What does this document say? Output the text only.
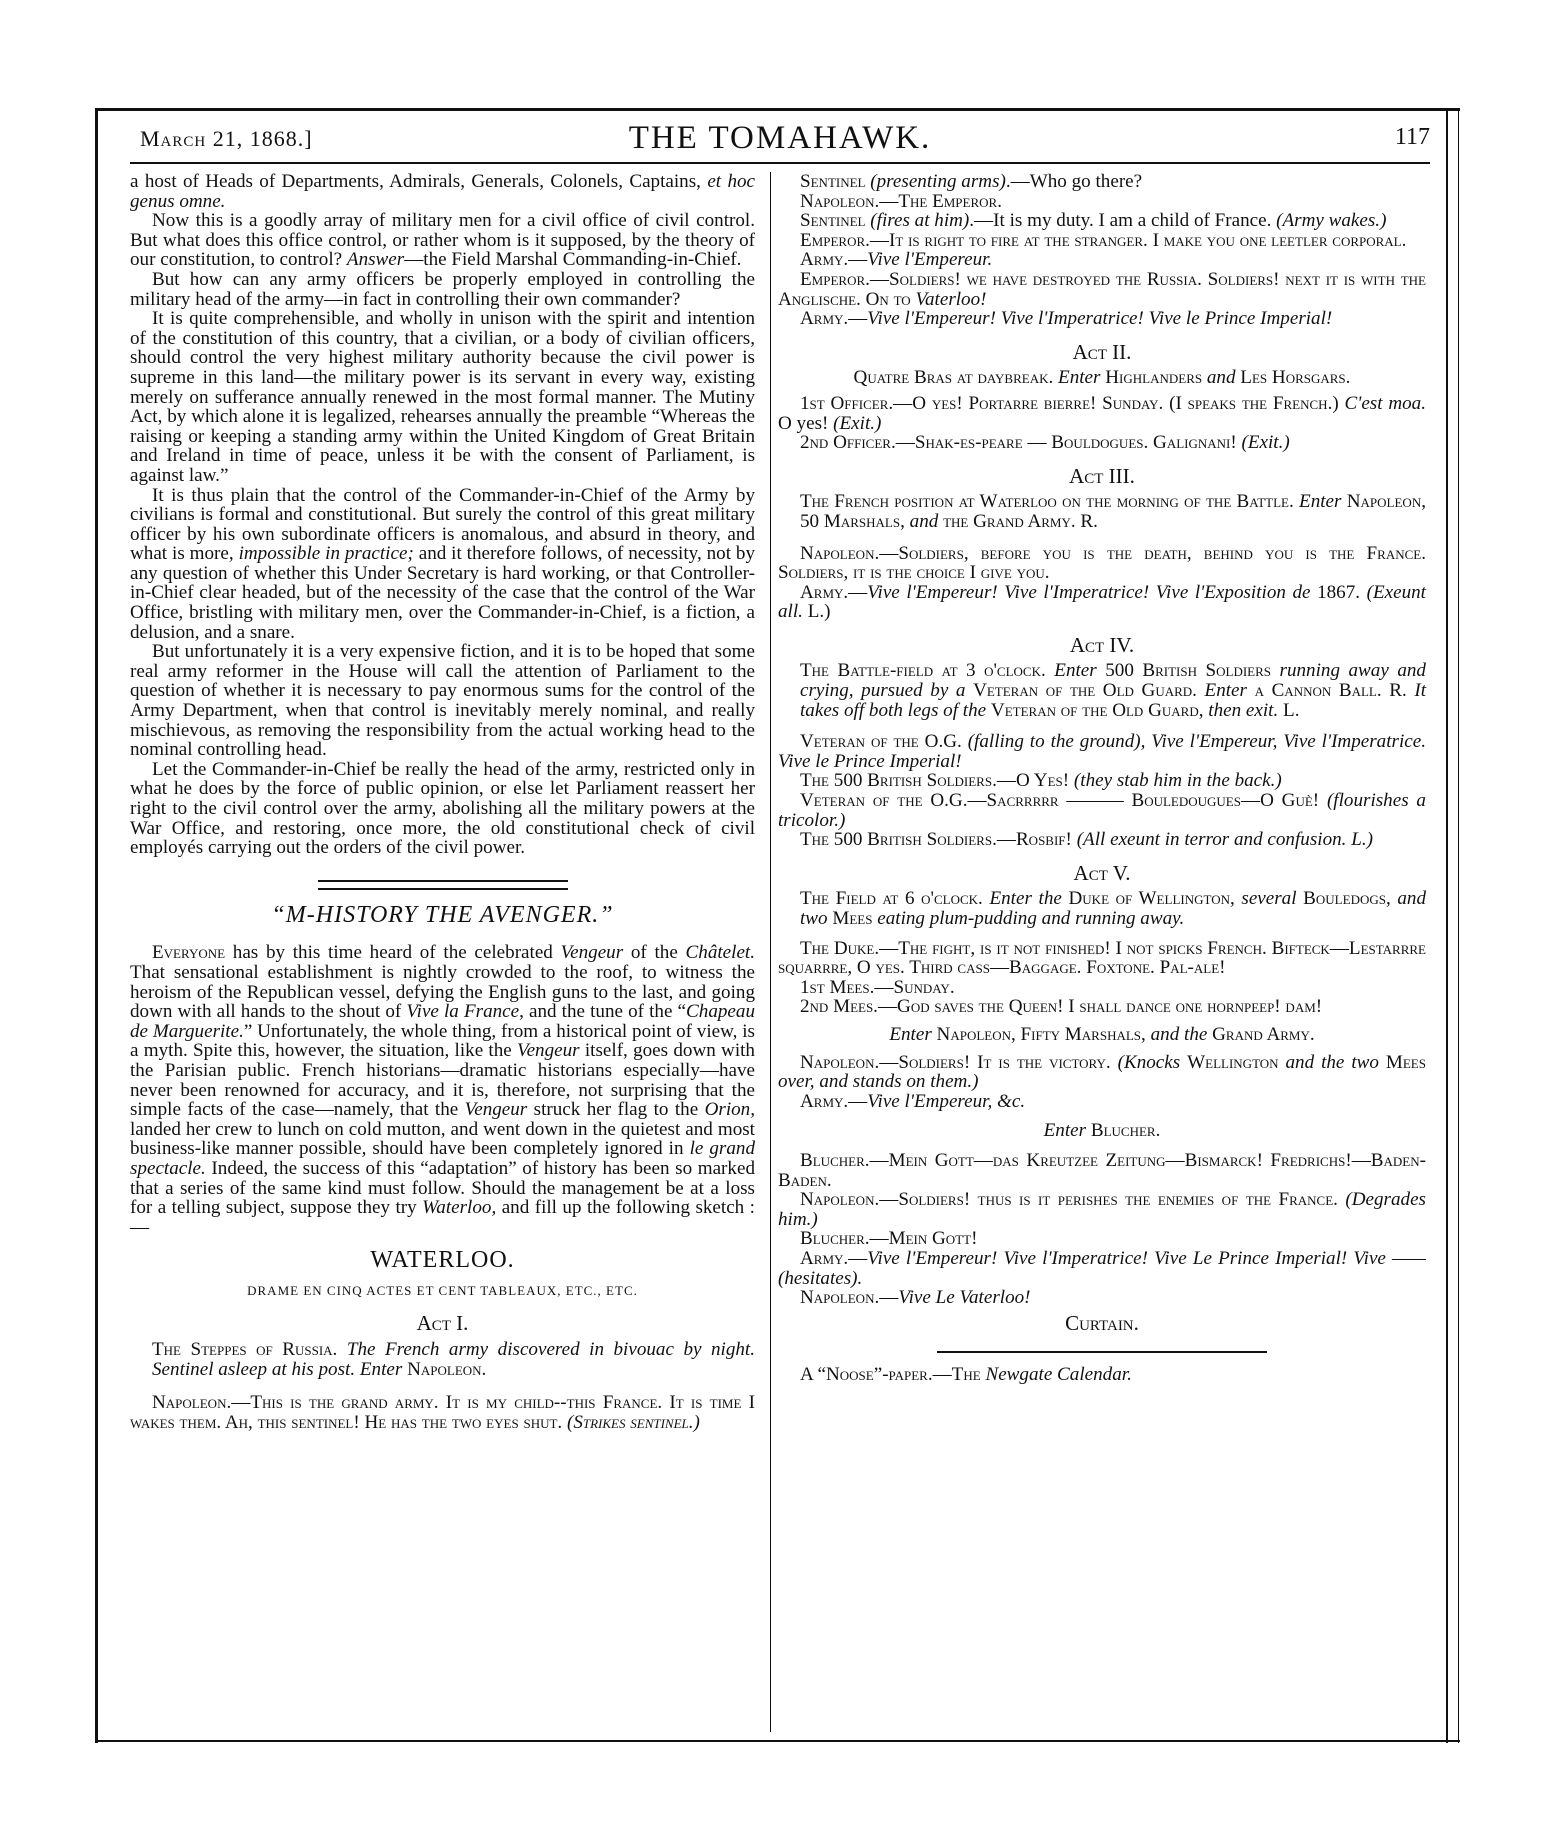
March 21, 1868.]	THE TOMAHAWK.	117

a host of Heads of Departments, Admirals, Generals, Colonels, Captains, et hoc genus omne.

Now this is a goodly array of military men for a civil office of civil control. But what does this office control, or rather whom is it supposed, by the theory of our constitution, to control? Answer—the Field Marshal Commanding-in-Chief.

But how can any army officers be properly employed in controlling the military head of the army—in fact in controlling their own commander?

It is quite comprehensible, and wholly in unison with the spirit and intention of the constitution of this country, that a civilian, or a body of civilian officers, should control the very highest military authority because the civil power is supreme in this land—the military power is its servant in every way, existing merely on sufferance annually renewed in the most formal manner. The Mutiny Act, by which alone it is legalized, rehearses annually the preamble “Whereas the raising or keeping a standing army within the United Kingdom of Great Britain and Ireland in time of peace, unless it be with the consent of Parliament, is against law.”

It is thus plain that the control of the Commander-in-Chief of the Army by civilians is formal and constitutional. But surely the control of this great military officer by his own subordinate officers is anomalous, and absurd in theory, and what is more, impossible in practice; and it therefore follows, of necessity, not by any question of whether this Under Secretary is hard working, or that Controller-in-Chief clear headed, but of the necessity of the case that the control of the War Office, bristling with military men, over the Commander-in-Chief, is a fiction, a delusion, and a snare.

But unfortunately it is a very expensive fiction, and it is to be hoped that some real army reformer in the House will call the attention of Parliament to the question of whether it is necessary to pay enormous sums for the control of the Army Department, when that control is inevitably merely nominal, and really mischievous, as removing the responsibility from the actual working head to the nominal controlling head.

Let the Commander-in-Chief be really the head of the army, restricted only in what he does by the force of public opinion, or else let Parliament reassert her right to the civil control over the army, abolishing all the military powers at the War Office, and restoring, once more, the old constitutional check of civil employés carrying out the orders of the civil power.

“M-HISTORY THE AVENGER.”

Everyone has by this time heard of the celebrated Vengeur of the Châtelet. That sensational establishment is nightly crowded to the roof, to witness the heroism of the Republican vessel, defying the English guns to the last, and going down with all hands to the shout of Vive la France, and the tune of the “Chapeau de Marguerite.” Unfortunately, the whole thing, from a historical point of view, is a myth. Spite this, however, the situation, like the Vengeur itself, goes down with the Parisian public. French historians—dramatic historians especially—have never been renowned for accuracy, and it is, therefore, not surprising that the simple facts of the case—namely, that the Vengeur struck her flag to the Orion, landed her crew to lunch on cold mutton, and went down in the quietest and most business-like manner possible, should have been completely ignored in le grand spectacle. Indeed, the success of this “adaptation” of history has been so marked that a series of the same kind must follow. Should the management be at a loss for a telling subject, suppose they try Waterloo, and fill up the following sketch :—

WATERLOO.
DRAME EN CINQ ACTES ET CENT TABLEAUX, ETC., ETC.
Act I.

The Steppes of Russia. The French army discovered in bivouac by night. Sentinel asleep at his post. Enter Napoleon.

Napoleon.—This is the grand army. It is my child--this France. It is time I wakes them. Ah, this sentinel! He has the two eyes shut. (Strikes sentinel.)

Sentinel (presenting arms).—Who go there?

Napoleon.—The Emperor.

Sentinel (fires at him).—It is my duty. I am a child of France. (Army wakes.)

Emperor.—It is right to fire at the stranger. I make you one leetler corporal.

Army.—Vive l'Empereur.

Emperor.—Soldiers! we have destroyed the Russia. Soldiers! next it is with the Anglische. On to Vaterloo!

Army.—Vive l'Empereur! Vive l'Imperatrice! Vive le Prince Imperial!

Act II.

Quatre Bras at daybreak. Enter Highlanders and Les Horsgars.

1st Officer.—O yes! Portarre bierre! Sunday. (I speaks the French.) C'est moa. O yes! (Exit.)

2nd Officer.—Shak-es-peare — Bouldogues. Galignani! (Exit.)

Act III.

The French position at Waterloo on the morning of the Battle. Enter Napoleon, 50 Marshals, and the Grand Army. R.

Napoleon.—Soldiers, before you is the death, behind you is the France. Soldiers, it is the choice I give you.

Army.—Vive l'Empereur! Vive l'Imperatrice! Vive l'Exposition de 1867. (Exeunt all. L.)

Act IV.

The Battle-field at 3 o'clock. Enter 500 British Soldiers running away and crying, pursued by a Veteran of the Old Guard. Enter a Cannon Ball. R. It takes off both legs of the Veteran of the Old Guard, then exit. L.

Veteran of the O.G. (falling to the ground), Vive l'Empereur, Vive l'Imperatrice. Vive le Prince Imperial!

The 500 British Soldiers.—O Yes! (they stab him in the back.)

Veteran of the O.G.—Sacrrrrr ——— Bouledougues—O Guè! (flourishes a tricolor.)

The 500 British Soldiers.—Rosbif! (All exeunt in terror and confusion. L.)

Act V.

The Field at 6 o'clock. Enter the Duke of Wellington, several Bouledogs, and two Mees eating plum-pudding and running away.

The Duke.—The fight, is it not finished! I not spicks French. Bifteck—Lestarrre squarrre, O yes. Third cass—Baggage. Foxtone. Pal-ale!

1st Mees.—Sunday.

2nd Mees.—God saves the Queen! I shall dance one hornpeep! dam!

Enter Napoleon, Fifty Marshals, and the Grand Army.

Napoleon.—Soldiers! It is the victory. (Knocks Wellington and the two Mees over, and stands on them.)

Army.—Vive l'Empereur, &c.

Enter Blucher.

Blucher.—Mein Gott—das Kreutzee Zeitung—Bismarck! Fredrichs!—Baden-Baden.

Napoleon.—Soldiers! thus is it perishes the enemies of the France. (Degrades him.)

Blucher.—Mein Gott!

Army.—Vive l'Empereur! Vive l'Imperatrice! Vive Le Prince Imperial! Vive —— (hesitates).

Napoleon.—Vive Le Vaterloo!

Curtain.

A “Noose”-paper.—The Newgate Calendar.
